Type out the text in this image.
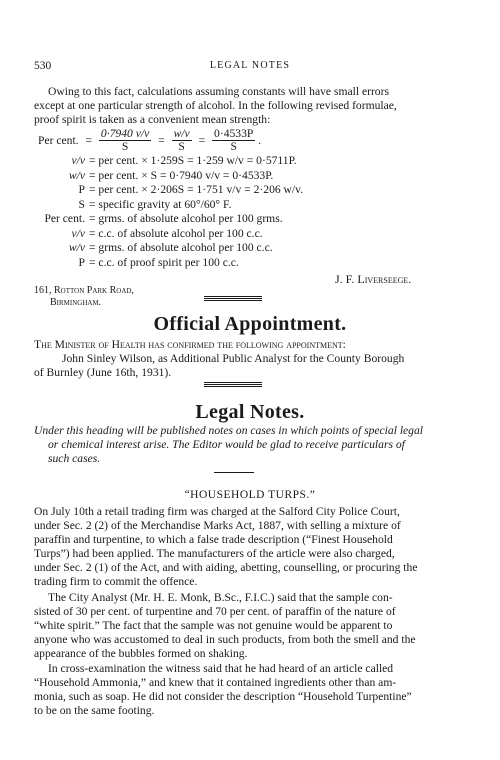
530	LEGAL NOTES
Owing to this fact, calculations assuming constants will have small errors
except at one particular strength of alcohol. In the following revised formulae,
proof spirit is taken as a convenient mean strength:
Per cent. = $\frac{0\cdot 7940 v/v}{S} = \frac{w/v}{S} = \frac{0\cdot 4533P}{S}$ .
v/v = per cent. × 1·259S = 1·259 w/v = 0·5711P.
w/v = per cent. × S = 0·7940 v/v = 0·4533P.
P = per cent. × 2·206S = 1·751 v/v = 2·206 w/v.
S = specific gravity at 60°/60° F.
Per cent. = grms. of absolute alcohol per 100 grms.
v/v = c.c. of absolute alcohol per 100 c.c.
w/v = grms. of absolute alcohol per 100 c.c.
P = c.c. of proof spirit per 100 c.c.
J. F. Liverseege.
161, Rotton Park Road,
Birmingham.
Official Appointment.
The Minister of Health has confirmed the following appointment:
John Sinley Wilson, as Additional Public Analyst for the County Borough
of Burnley (June 16th, 1931).
Legal Notes.
Under this heading will be published notes on cases in which points of special legal
or chemical interest arise. The Editor would be glad to receive particulars of
such cases.
“HOUSEHOLD TURPS.”
On July 10th a retail trading firm was charged at the Salford City Police Court,
under Sec. 2 (2) of the Merchandise Marks Act, 1887, with selling a mixture of
paraffin and turpentine, to which a false trade description (“Finest Household
Turps”) had been applied. The manufacturers of the article were also charged,
under Sec. 2 (1) of the Act, and with aiding, abetting, counselling, or procuring the
trading firm to commit the offence.
The City Analyst (Mr. H. E. Monk, B.Sc., F.I.C.) said that the sample con-
sisted of 30 per cent. of turpentine and 70 per cent. of paraffin of the nature of
“white spirit.” The fact that the sample was not genuine would be apparent to
anyone who was accustomed to deal in such products, from both the smell and the
appearance of the bubbles formed on shaking.
In cross-examination the witness said that he had heard of an article called
“Household Ammonia,” and knew that it contained ingredients other than am-
monia, such as soap. He did not consider the description “Household Turpentine”
to be on the same footing.
